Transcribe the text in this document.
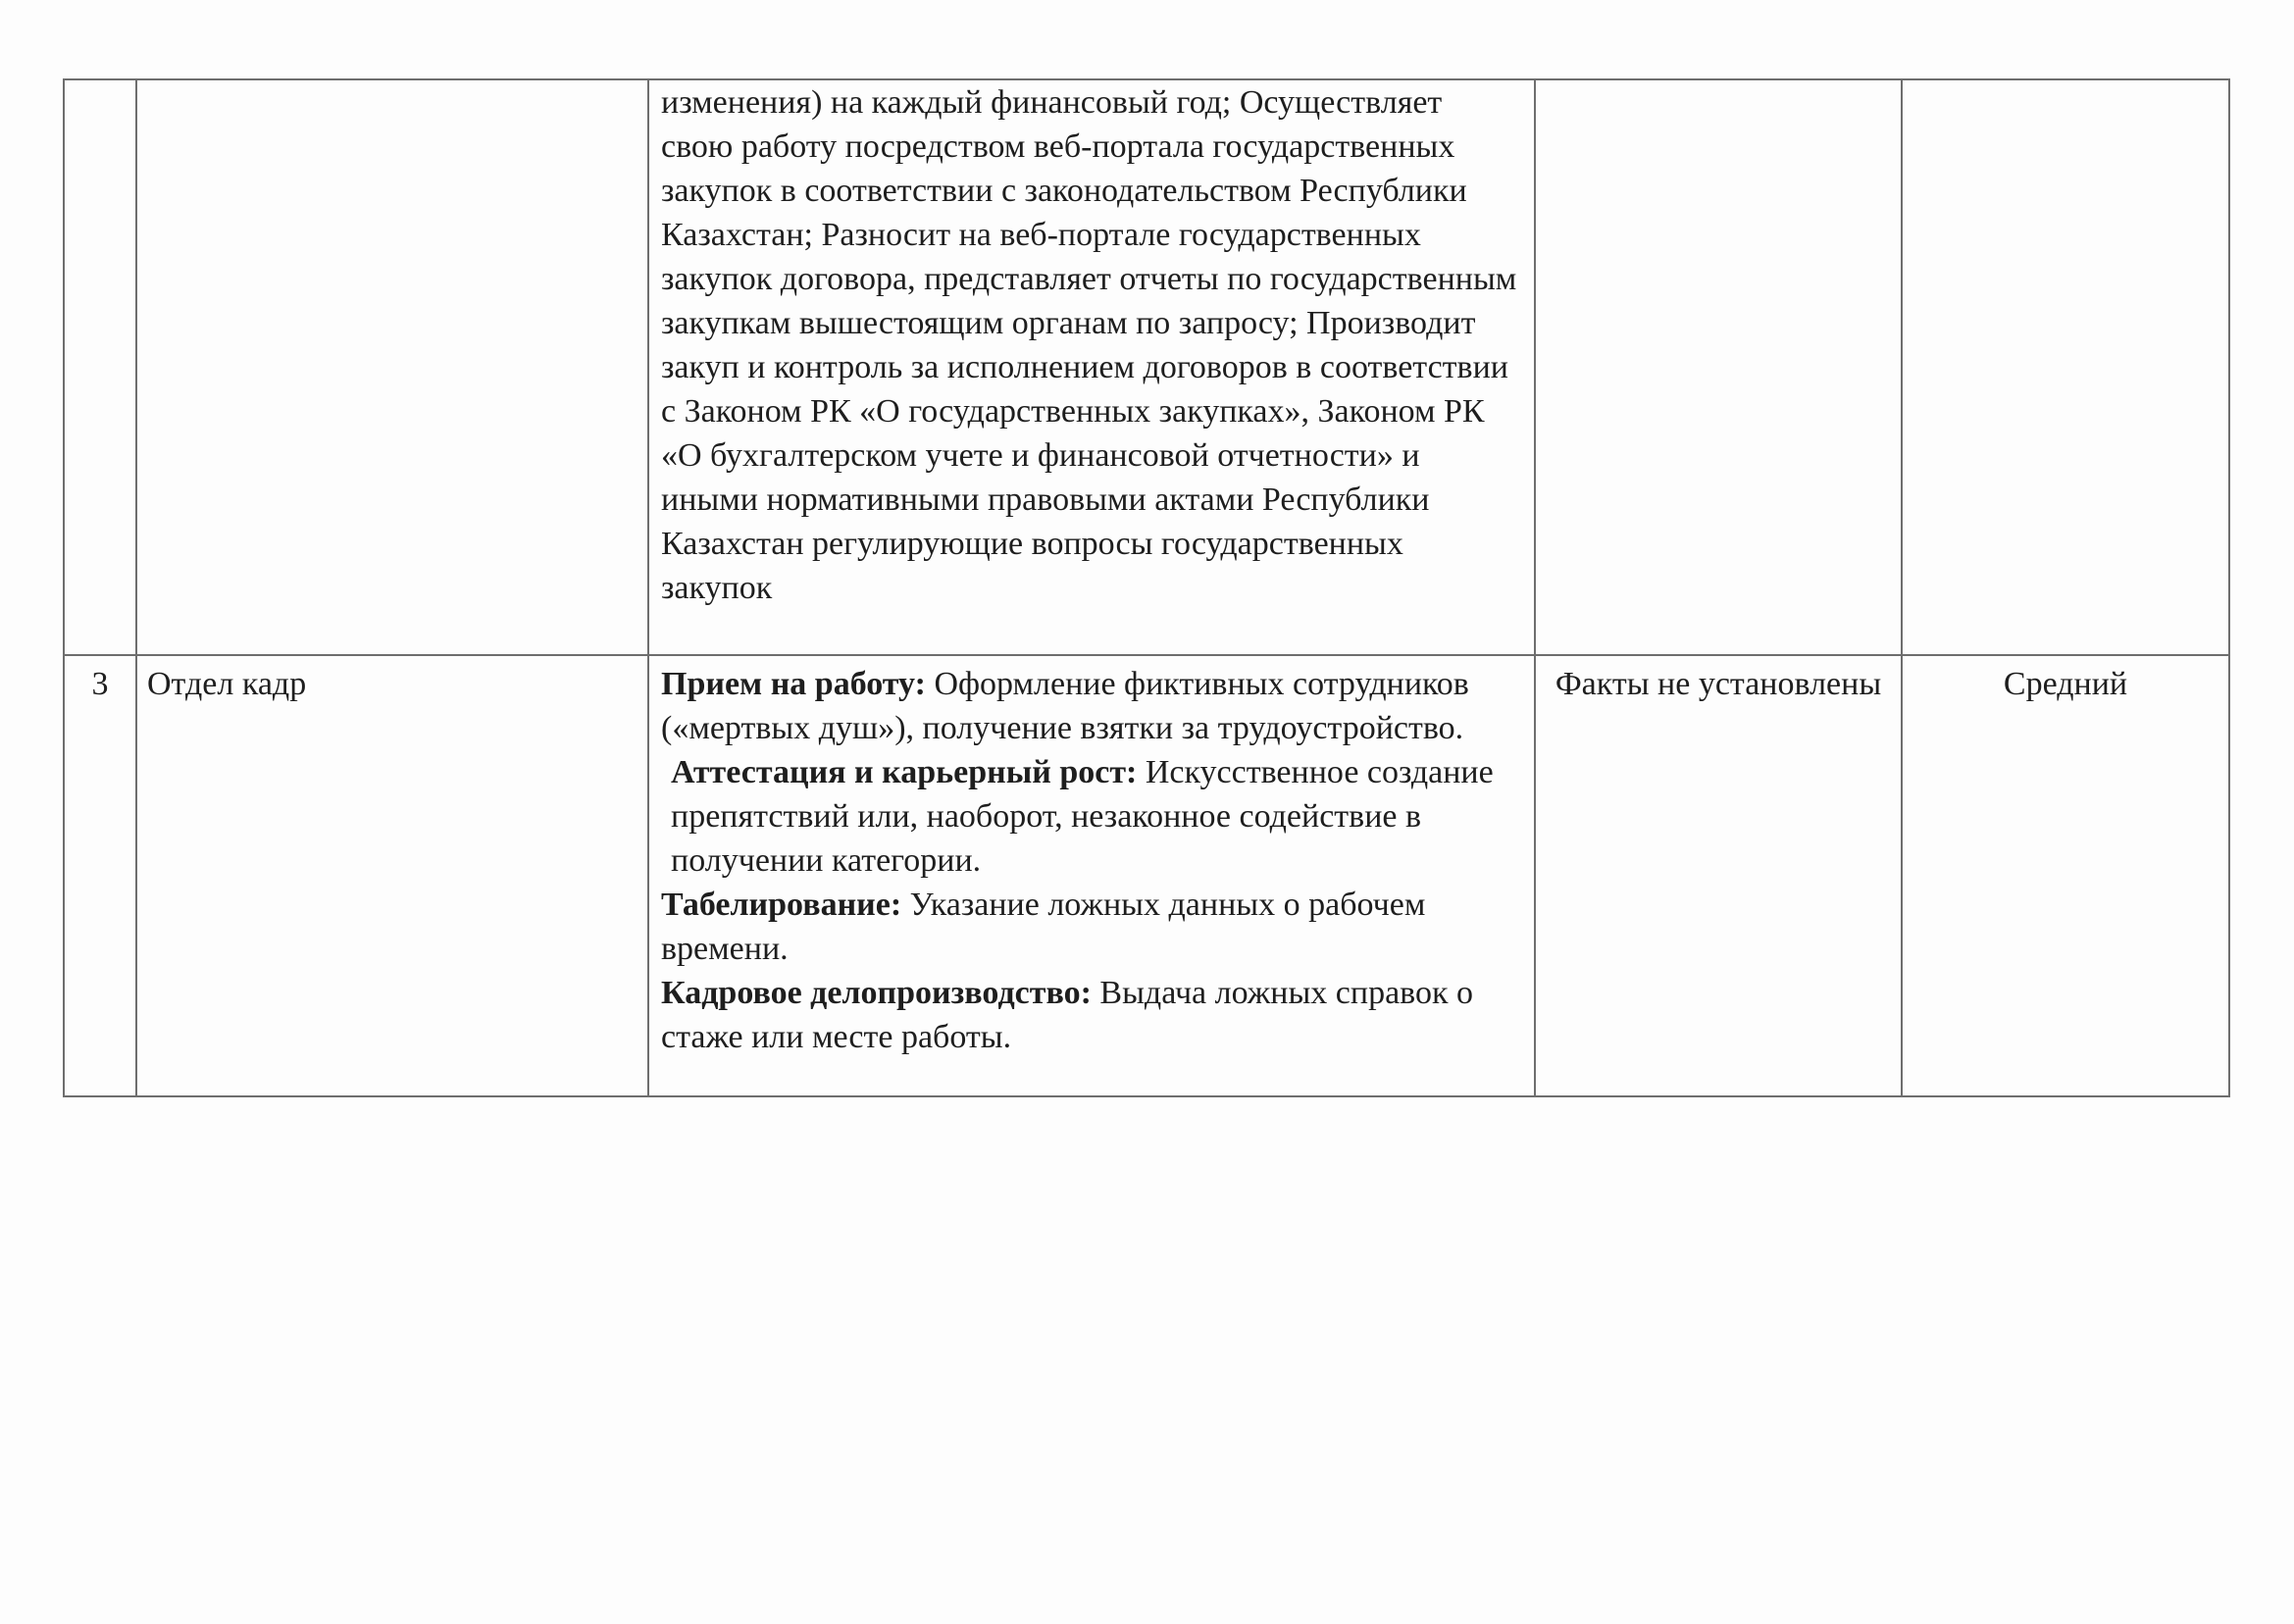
		изменения) на каждый финансовый год; Осуществляет свою работу посредством веб-портала государственных закупок в соответствии с законодательством Республики Казахстан; Разносит на веб-портале государственных закупок договора, представляет отчеты по государственным закупкам вышестоящим органам по запросу; Производит закуп и контроль за исполнением договоров в соответствии с Законом РК «О государственных закупках», Законом РК «О бухгалтерском учете и финансовой отчетности» и иными нормативными правовыми актами Республики Казахстан регулирующие вопросы государственных закупок		

3	Отдел кадр	Прием на работу: Оформление фиктивных сотрудников («мертвых душ»), получение взятки за трудоустройство.
Аттестация и карьерный рост: Искусственное создание препятствий или, наоборот, незаконное содействие в получении категории.
Табелирование: Указание ложных данных о рабочем времени.
Кадровое делопроизводство: Выдача ложных справок о стаже или месте работы.	Факты не установлены	Средний
